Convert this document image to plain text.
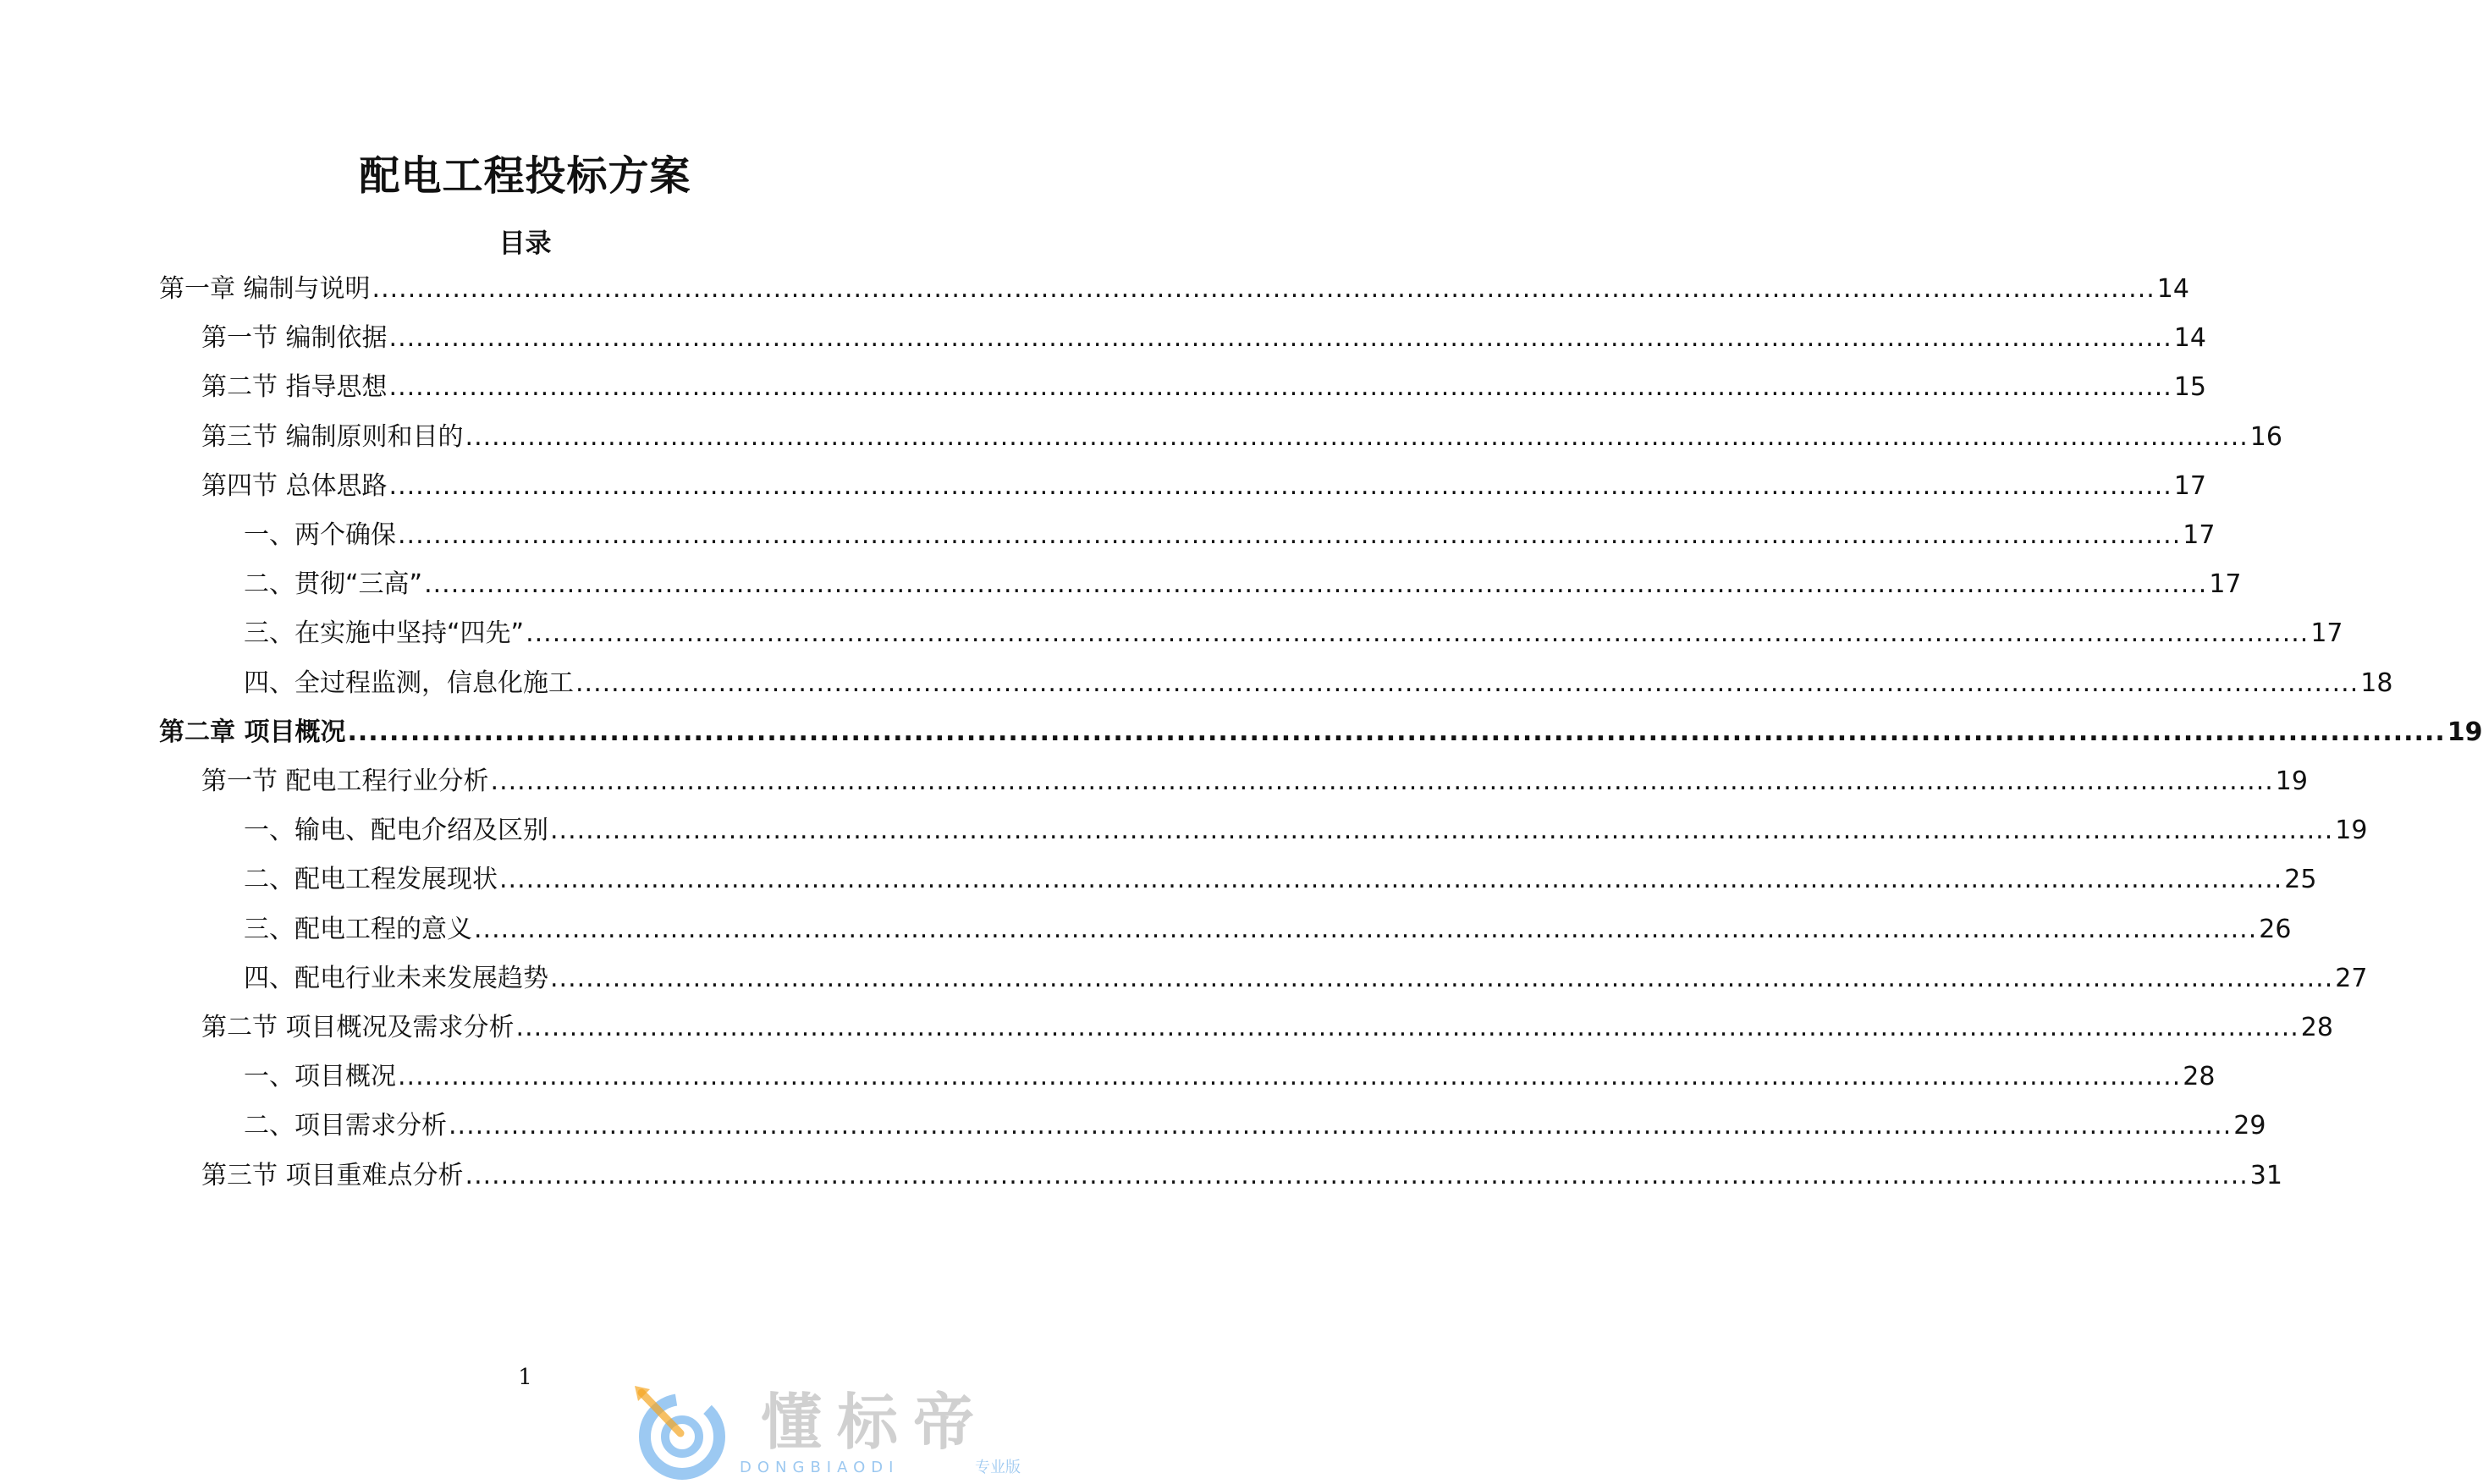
配电工程投标方案
目录
第一章 编制与说明 ........................................................................................................................................................................................................ 14
第一节 编制依据 ........................................................................................................................................................................................................ 14
第二节 指导思想 ........................................................................................................................................................................................................ 15
第三节 编制原则和目的 ........................................................................................................................................................................................................ 16
第四节 总体思路 ........................................................................................................................................................................................................ 17
一、两个确保 ........................................................................................................................................................................................................ 17
二、贯彻“三高” ........................................................................................................................................................................................................ 17
三、在实施中坚持“四先” ........................................................................................................................................................................................................ 17
四、全过程监测，信息化施工 ........................................................................................................................................................................................................ 18
第二章 项目概况 ........................................................................................................................................................................................................ 19
第一节 配电工程行业分析 ........................................................................................................................................................................................................ 19
一、输电、配电介绍及区别 ........................................................................................................................................................................................................ 19
二、配电工程发展现状 ........................................................................................................................................................................................................ 25
三、配电工程的意义 ........................................................................................................................................................................................................ 26
四、配电行业未来发展趋势 ........................................................................................................................................................................................................ 27
第二节 项目概况及需求分析 ........................................................................................................................................................................................................ 28
一、项目概况 ........................................................................................................................................................................................................ 28
二、项目需求分析 ........................................................................................................................................................................................................ 29
第三节 项目重难点分析 ........................................................................................................................................................................................................ 31
1
懂标帝
DONGBIAODI	专业版
